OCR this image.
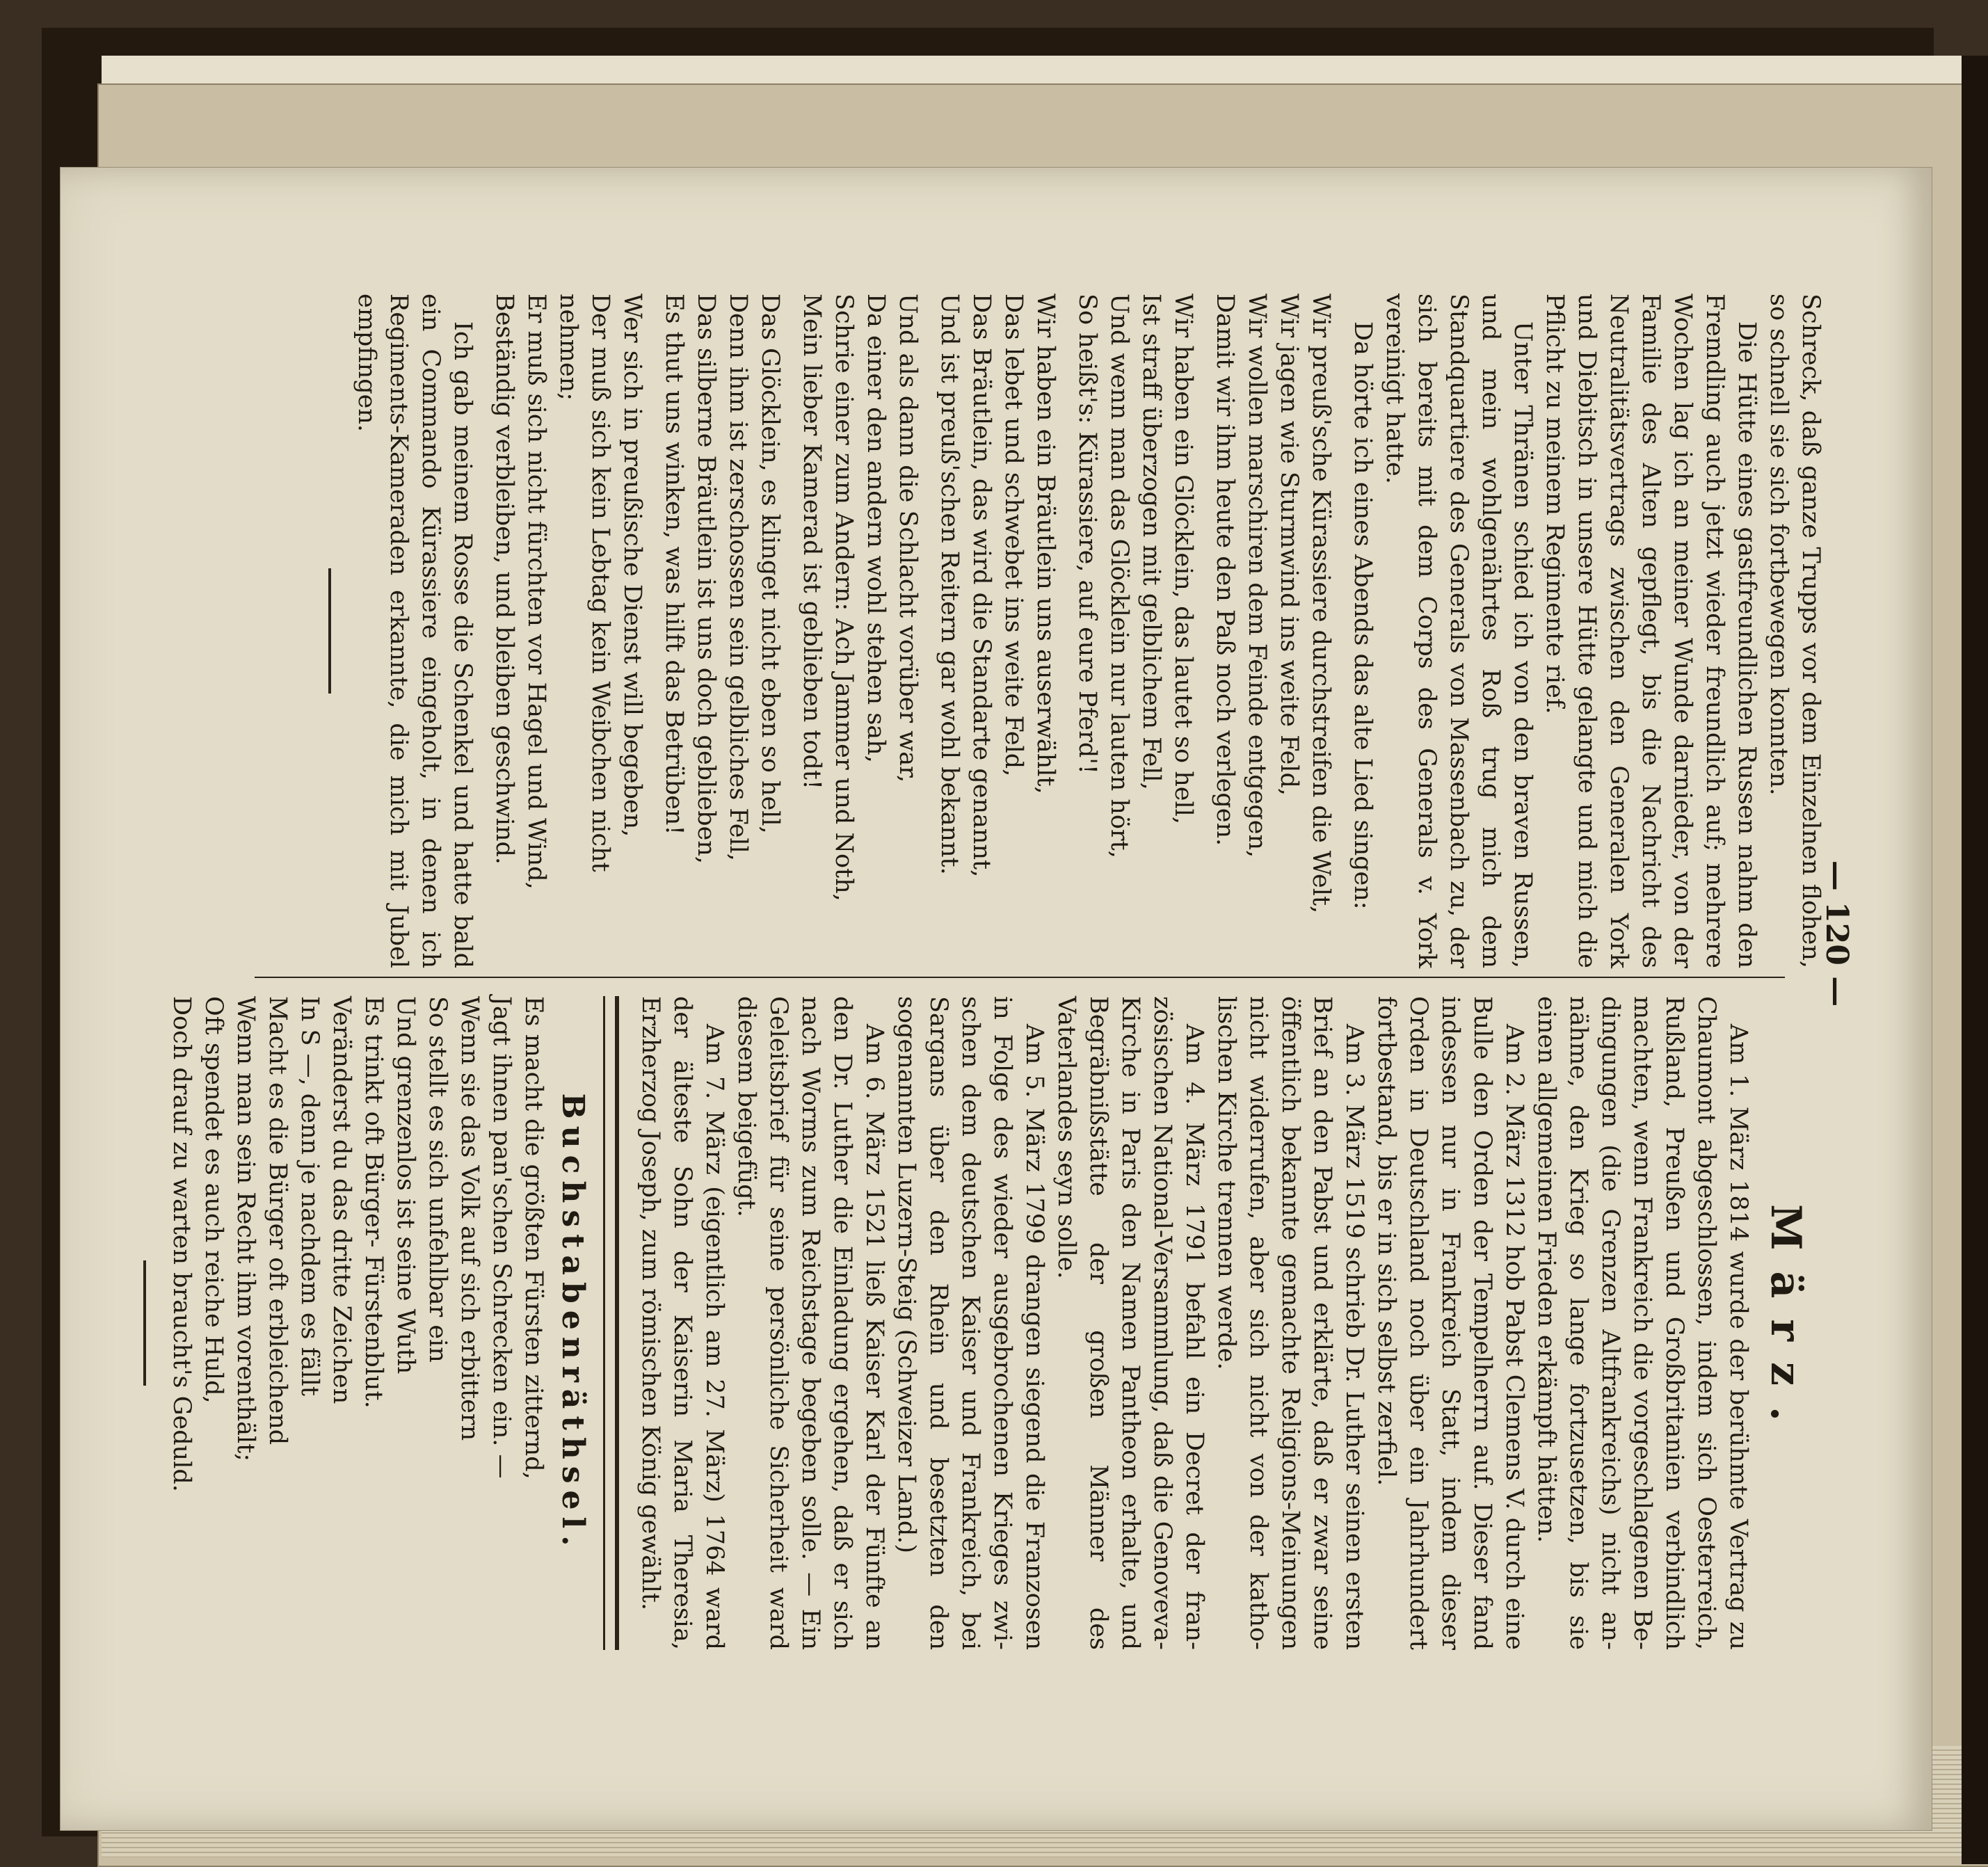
— 120 —

Schreck, daß ganze Trupps vor dem Einzelnen flohen, so schnell sie sich fortbewegen konnten.

Die Hütte eines gastfreundlichen Russen nahm den Fremdling auch jetzt wieder freundlich auf; mehrere Wochen lag ich an meiner Wunde darnieder, von der Familie des Alten gepflegt, bis die Nachricht des Neutralitätsvertrags zwischen den Generalen York und Diebitsch in unsere Hütte gelangte und mich die Pflicht zu meinem Regimente rief.

Unter Thränen schied ich von den braven Russen, und mein wohlgenährtes Roß trug mich dem Standquartiere des Generals von Massenbach zu, der sich bereits mit dem Corps des Generals v. York vereinigt hatte.

Da hörte ich eines Abends das alte Lied singen:

Wir preuß'sche Kürassiere durchstreifen die Welt,
Wir jagen wie Sturmwind ins weite Feld,
Wir wollen marschiren dem Feinde entgegen,
Damit wir ihm heute den Paß noch verlegen.
Wir haben ein Glöcklein, das lautet so hell,
Ist straff überzogen mit gelblichem Fell,
Und wenn man das Glöcklein nur lauten hört,
So heißt's: Kürassiere, auf eure Pferd'!
Wir haben ein Bräutlein uns auserwählt,
Das lebet und schwebet ins weite Feld,
Das Bräutlein, das wird die Standarte genannt,
Und ist preuß'schen Reitern gar wohl bekannt.
Und als dann die Schlacht vorüber war,
Da einer den andern wohl stehen sah,
Schrie einer zum Andern: Ach Jammer und Noth,
Mein lieber Kamerad ist geblieben todt!
Das Glöcklein, es klinget nicht eben so hell,
Denn ihm ist zerschossen sein gelbliches Fell,
Das silberne Bräutlein ist uns doch geblieben,
Es thut uns winken, was hilft das Betrüben!
Wer sich in preußische Dienst will begeben,
Der muß sich kein Lebtag kein Weibchen nicht nehmen;
Er muß sich nicht fürchten vor Hagel und Wind,
Beständig verbleiben, und bleiben geschwind.

Ich gab meinem Rosse die Schenkel und hatte bald ein Commando Kürassiere eingeholt, in denen ich Regiments-Kameraden erkannte, die mich mit Jubel empfingen.

März.

Am 1. März 1814 wurde der berühmte Vertrag zu Chaumont abgeschlossen, indem sich Oesterreich, Rußland, Preußen und Großbritanien verbindlich machten, wenn Frankreich die vorgeschlagenen Bedingungen (die Grenzen Altfrankreichs) nicht annähme, den Krieg so lange fortzusetzen, bis sie einen allgemeinen Frieden erkämpft hätten.

Am 2. März 1312 hob Pabst Clemens V. durch eine Bulle den Orden der Tempelherrn auf. Dieser fand indessen nur in Frankreich Statt, indem dieser Orden in Deutschland noch über ein Jahrhundert fortbestand, bis er in sich selbst zerfiel.

Am 3. März 1519 schrieb Dr. Luther seinen ersten Brief an den Pabst und erklärte, daß er zwar seine öffentlich bekannte gemachte Religions-Meinungen nicht widerrufen, aber sich nicht von der katholischen Kirche trennen werde.

Am 4. März 1791 befahl ein Decret der französischen National-Versammlung, daß die Genoveva-Kirche in Paris den Namen Pantheon erhalte, und Begräbnißstätte der großen Männer des Vaterlandes seyn solle.

Am 5. März 1799 drangen siegend die Franzosen in Folge des wieder ausgebrochenen Krieges zwischen dem deutschen Kaiser und Frankreich, bei Sargans über den Rhein und besetzten den sogenannten Luzern-Steig (Schweizer Land.)

Am 6. März 1521 ließ Kaiser Karl der Fünfte an den Dr. Luther die Einladung ergehen, daß er sich nach Worms zum Reichstage begeben solle. — Ein Geleitsbrief für seine persönliche Sicherheit ward diesem beigefügt.

Am 7. März (eigentlich am 27. März) 1764 ward der älteste Sohn der Kaiserin Maria Theresia, Erzherzog Joseph, zum römischen König gewählt.

Buchstabenräthsel.
Es macht die größten Fürsten zitternd,
Jagt ihnen pan'schen Schrecken ein. —
Wenn sie das Volk auf sich erbittern
So stellt es sich unfehlbar ein
Und grenzenlos ist seine Wuth
Es trinkt oft Bürger- Fürstenblut.
Veränderst du das dritte Zeichen
In S —, denn je nachdem es fällt
Macht es die Bürger oft erbleichend
Wenn man sein Recht ihm vorenthält;
Oft spendet es auch reiche Huld,
Doch drauf zu warten braucht's Geduld.
